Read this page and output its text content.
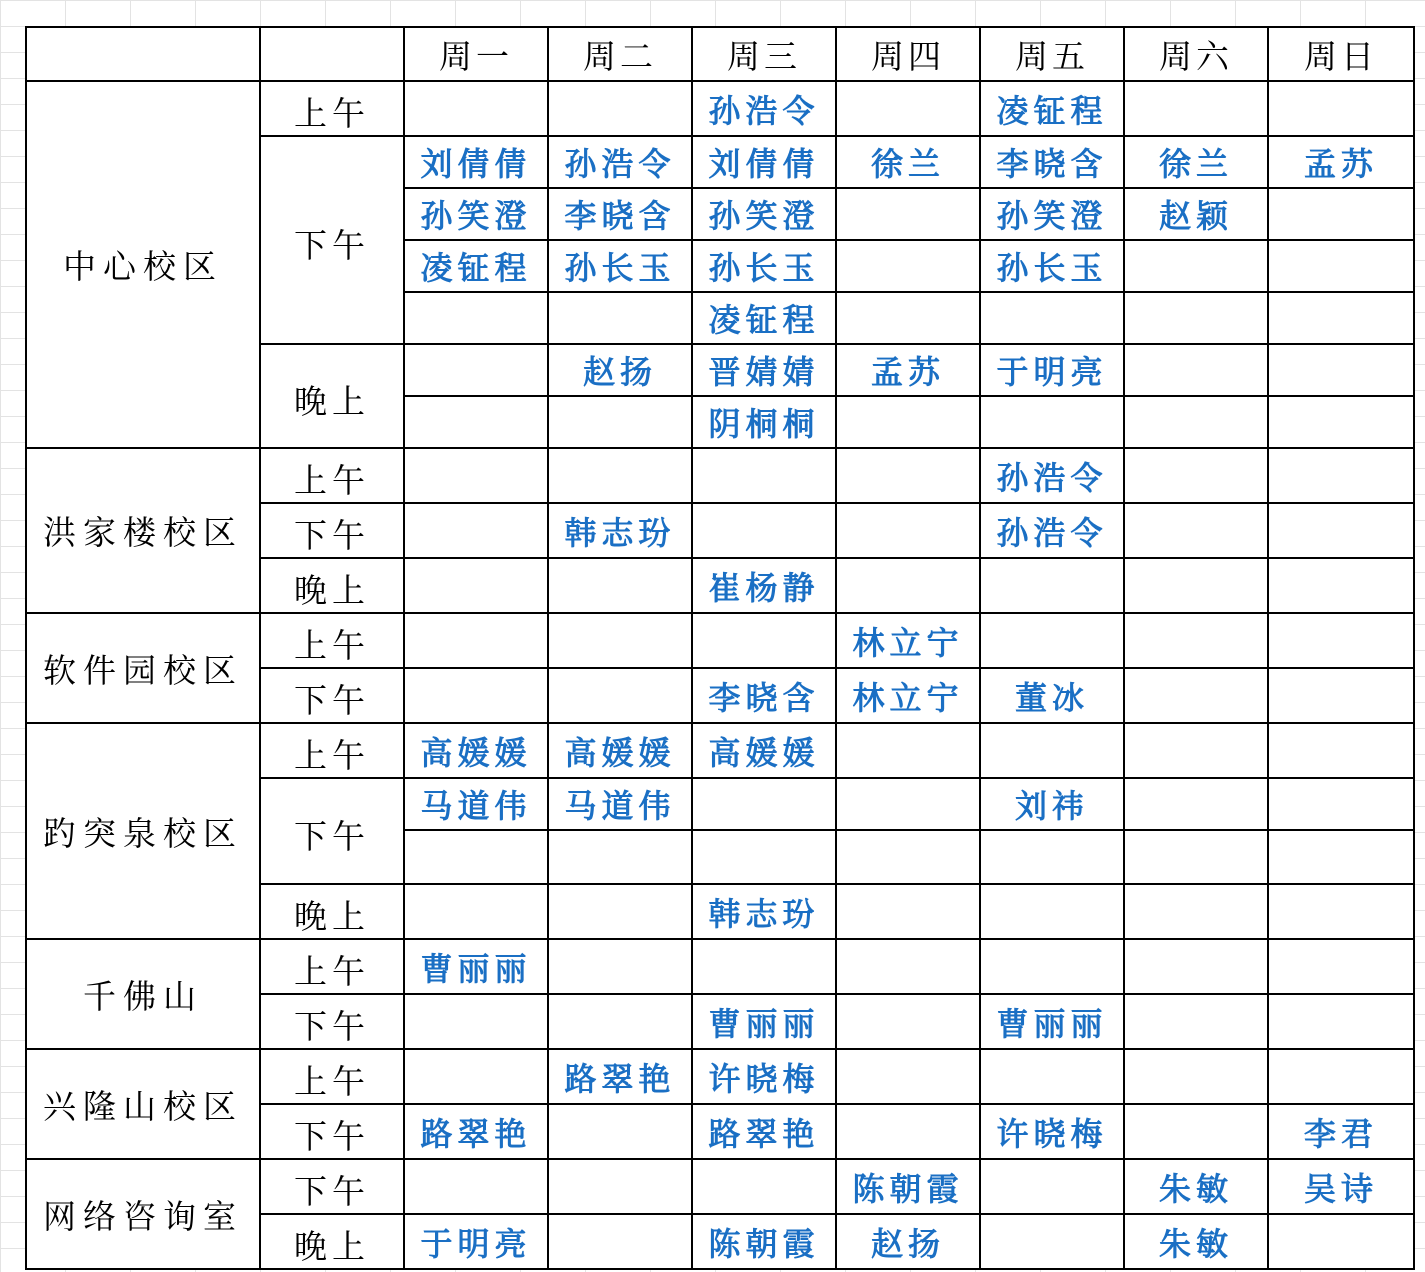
		周一	周二	周三	周四	周五	周六	周日
中心校区	上午			孙浩令		凌钲程		
	下午	刘倩倩	孙浩令	刘倩倩	徐兰	李晓含	徐兰	孟苏
		孙笑澄	李晓含	孙笑澄		孙笑澄	赵颖	
		凌钲程	孙长玉	孙长玉		孙长玉		
				凌钲程				
	晚上		赵扬	晋婧婧	孟苏	于明亮		
				阴桐桐				
洪家楼校区	上午					孙浩令		
	下午		韩志玢			孙浩令		
	晚上			崔杨静				
软件园校区	上午				林立宁			
	下午			李晓含	林立宁	董冰		
趵突泉校区	上午	高媛媛	高媛媛	高媛媛				
	下午	马道伟	马道伟			刘祎		

	晚上			韩志玢				
千佛山	上午	曹丽丽						
	下午			曹丽丽		曹丽丽		
兴隆山校区	上午		路翠艳	许晓梅				
	下午	路翠艳		路翠艳		许晓梅		李君
网络咨询室	下午				陈朝霞		朱敏	吴诗
	晚上	于明亮		陈朝霞	赵扬		朱敏	
